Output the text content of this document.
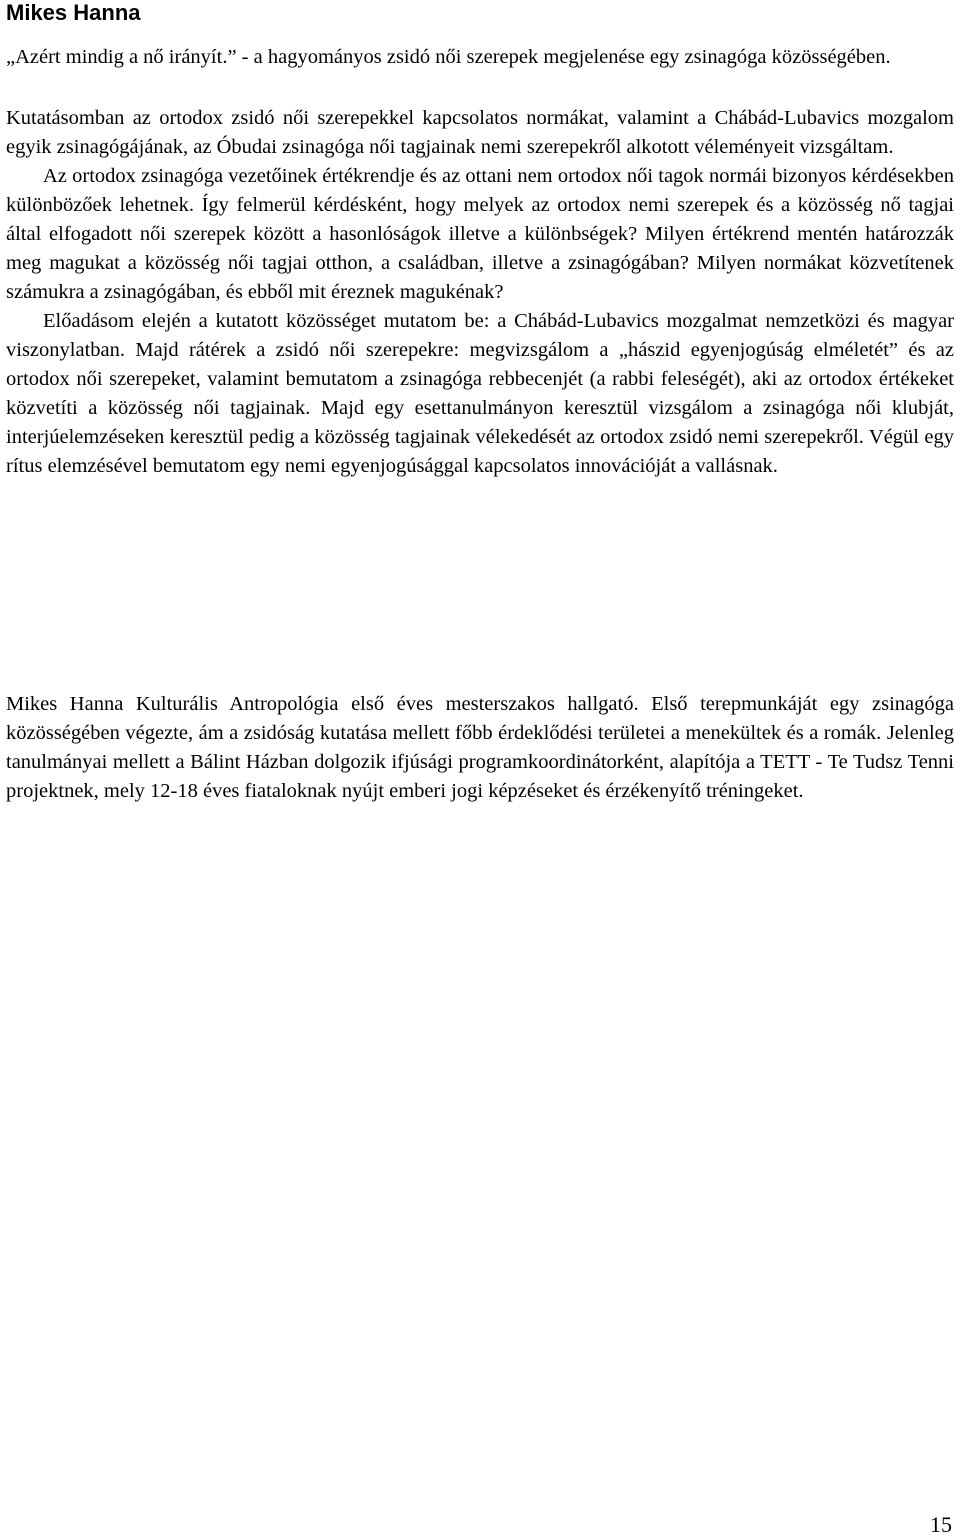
Mikes Hanna
„Azért mindig a nő irányít.” - a hagyományos zsidó női szerepek megjelenése egy zsinagóga közösségében.

Kutatásomban az ortodox zsidó női szerepekkel kapcsolatos normákat, valamint a Chábád-Lubavics mozgalom egyik zsinagógájának, az Óbudai zsinagóga női tagjainak nemi szerepekről alkotott véleményeit vizsgáltam.

Az ortodox zsinagóga vezetőinek értékrendje és az ottani nem ortodox női tagok normái bizonyos kérdésekben különbözőek lehetnek. Így felmerül kérdésként, hogy melyek az ortodox nemi szerepek és a közösség nő tagjai által elfogadott női szerepek között a hasonlóságok illetve a különbségek? Milyen értékrend mentén határozzák meg magukat a közösség női tagjai otthon, a családban, illetve a zsinagógában? Milyen normákat közvetítenek számukra a zsinagógában, és ebből mit éreznek magukénak?

Előadásom elején a kutatott közösséget mutatom be: a Chábád-Lubavics mozgalmat nemzetközi és magyar viszonylatban. Majd rátérek a zsidó női szerepekre: megvizsgálom a „hászid egyenjogúság elméletét” és az ortodox női szerepeket, valamint bemutatom a zsinagóga rebbecenjét (a rabbi feleségét), aki az ortodox értékeket közvetíti a közösség női tagjainak. Majd egy esettanulmányon keresztül vizsgálom a zsinagóga női klubját, interjúelemzéseken keresztül pedig a közösség tagjainak vélekedését az ortodox zsidó nemi szerepekről. Végül egy rítus elemzésével bemutatom egy nemi egyenjogúsággal kapcsolatos innovációját a vallásnak.

Mikes Hanna Kulturális Antropológia első éves mesterszakos hallgató. Első terepmunkáját egy zsinagóga közösségében végezte, ám a zsidóság kutatása mellett főbb érdeklődési területei a menekültek és a romák. Jelenleg tanulmányai mellett a Bálint Házban dolgozik ifjúsági programkoordinátorként, alapítója a TETT - Te Tudsz Tenni projektnek, mely 12-18 éves fiataloknak nyújt emberi jogi képzéseket és érzékenyítő tréningeket.

15
